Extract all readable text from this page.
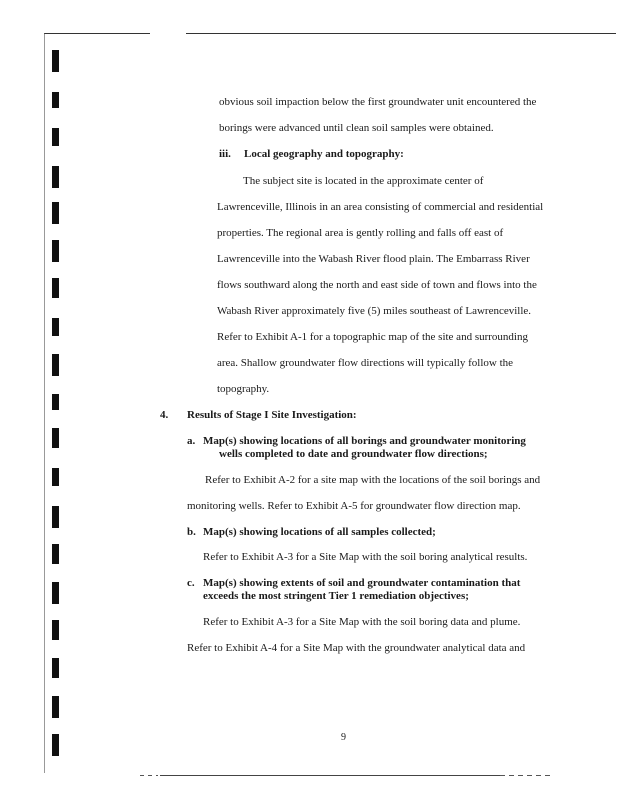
obvious soil impaction below the first groundwater unit encountered the
borings were advanced until clean soil samples were obtained.
iii. Local geography and topography:
The subject site is located in the approximate center of
Lawrenceville, Illinois in an area consisting of commercial and residential
properties. The regional area is gently rolling and falls off east of
Lawrenceville into the Wabash River flood plain. The Embarrass River
flows southward along the north and east side of town and flows into the
Wabash River approximately five (5) miles southeast of Lawrenceville.
Refer to Exhibit A-1 for a topographic map of the site and surrounding
area. Shallow groundwater flow directions will typically follow the
topography.
4. Results of Stage I Site Investigation:
a. Map(s) showing locations of all borings and groundwater monitoring
wells completed to date and groundwater flow directions;
Refer to Exhibit A-2 for a site map with the locations of the soil borings and
monitoring wells. Refer to Exhibit A-5 for groundwater flow direction map.
b. Map(s) showing locations of all samples collected;
Refer to Exhibit A-3 for a Site Map with the soil boring analytical results.
c. Map(s) showing extents of soil and groundwater contamination that
exceeds the most stringent Tier 1 remediation objectives;
Refer to Exhibit A-3 for a Site Map with the soil boring data and plume.
Refer to Exhibit A-4 for a Site Map with the groundwater analytical data and
9
